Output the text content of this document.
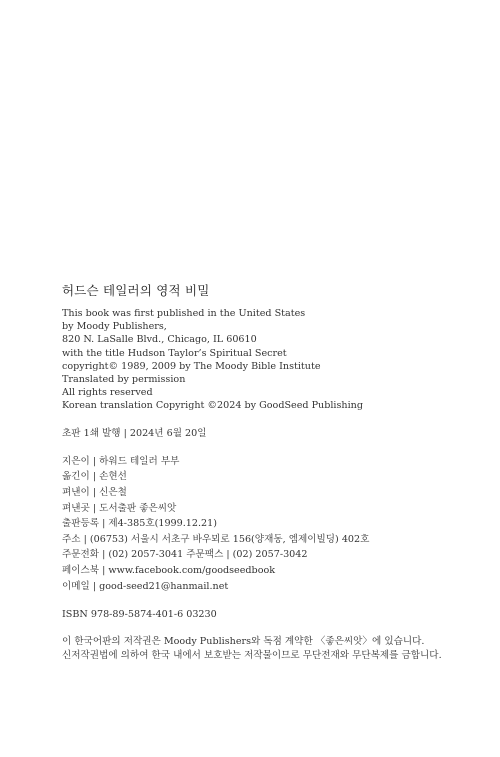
허드슨 테일러의 영적 비밀
This book was first published in the United States
by Moody Publishers,
820 N. LaSalle Blvd., Chicago, IL 60610
with the title Hudson Taylor’s Spiritual Secret
copyright© 1989, 2009 by The Moody Bible Institute
Translated by permission
All rights reserved
Korean translation Copyright ©2024 by GoodSeed Publishing
초판 1쇄 발행 | 2024년 6월 20일
지은이 | 하워드 테일러 부부
옮긴이 | 손현선
펴낸이 | 신은철
펴낸곳 | 도서출판 좋은씨앗
출판등록 | 제4-385호(1999.12.21)
주소 | (06753) 서울시 서초구 바우뫼로 156(양재동, 엠제이빌딩) 402호
주문전화 | (02) 2057-3041 주문팩스 | (02) 2057-3042
페이스북 | www.facebook.com/goodseedbook
이메일 | good-seed21@hanmail.net
ISBN 978-89-5874-401-6 03230
이 한국어판의 저작권은 Moody Publishers와 독점 계약한 〈좋은씨앗〉에 있습니다.
신저작권법에 의하여 한국 내에서 보호받는 저작물이므로 무단전재와 무단복제를 금합니다.
